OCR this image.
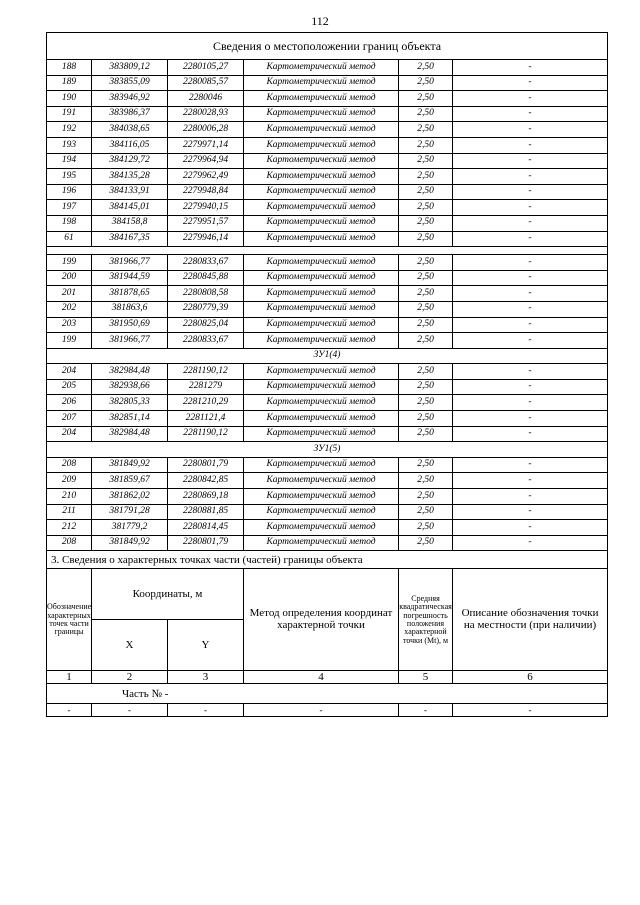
112
Сведения о местоположении границ объекта					
188	383809,12	2280105,27	Картометрический метод	2,50	-
189	383855,09	2280085,57	Картометрический метод	2,50	-
190	383946,92	2280046	Картометрический метод	2,50	-
191	383986,37	2280028,93	Картометрический метод	2,50	-
192	384038,65	2280006,28	Картометрический метод	2,50	-
193	384116,05	2279971,14	Картометрический метод	2,50	-
194	384129,72	2279964,94	Картометрический метод	2,50	-
195	384135,28	2279962,49	Картометрический метод	2,50	-
196	384133,91	2279948,84	Картометрический метод	2,50	-
197	384145,01	2279940,15	Картометрический метод	2,50	-
198	384158,8	2279951,57	Картометрический метод	2,50	-
61	384167,35	2279946,14	Картометрический метод	2,50	-

199	381966,77	2280833,67	Картометрический метод	2,50	-
200	381944,59	2280845,88	Картометрический метод	2,50	-
201	381878,65	2280808,58	Картометрический метод	2,50	-
202	381863,6	2280779,39	Картометрический метод	2,50	-
203	381950,69	2280825,04	Картометрический метод	2,50	-
199	381966,77	2280833,67	Картометрический метод	2,50	-
ЗУ1(4)					
204	382984,48	2281190,12	Картометрический метод	2,50	-
205	382938,66	2281279	Картометрический метод	2,50	-
206	382805,33	2281210,29	Картометрический метод	2,50	-
207	382851,14	2281121,4	Картометрический метод	2,50	-
204	382984,48	2281190,12	Картометрический метод	2,50	-
ЗУ1(5)					
208	381849,92	2280801,79	Картометрический метод	2,50	-
209	381859,67	2280842,85	Картометрический метод	2,50	-
210	381862,02	2280869,18	Картометрический метод	2,50	-
211	381791,28	2280881,85	Картометрический метод	2,50	-
212	381779,2	2280814,45	Картометрический метод	2,50	-
208	381849,92	2280801,79	Картометрический метод	2,50	-
3. Сведения о характерных точках части (частей) границы объекта					
Обозначение характерных точек части границы	Координаты, м		Метод определения координат характерной точки	Средняя квадратическая погрешность положения характерной точки (Mt), м	Описание обозначения точки на местности (при наличии)
	X	Y			
1	2	3	4	5	6
Часть № -					
-	-	-	-	-	-
